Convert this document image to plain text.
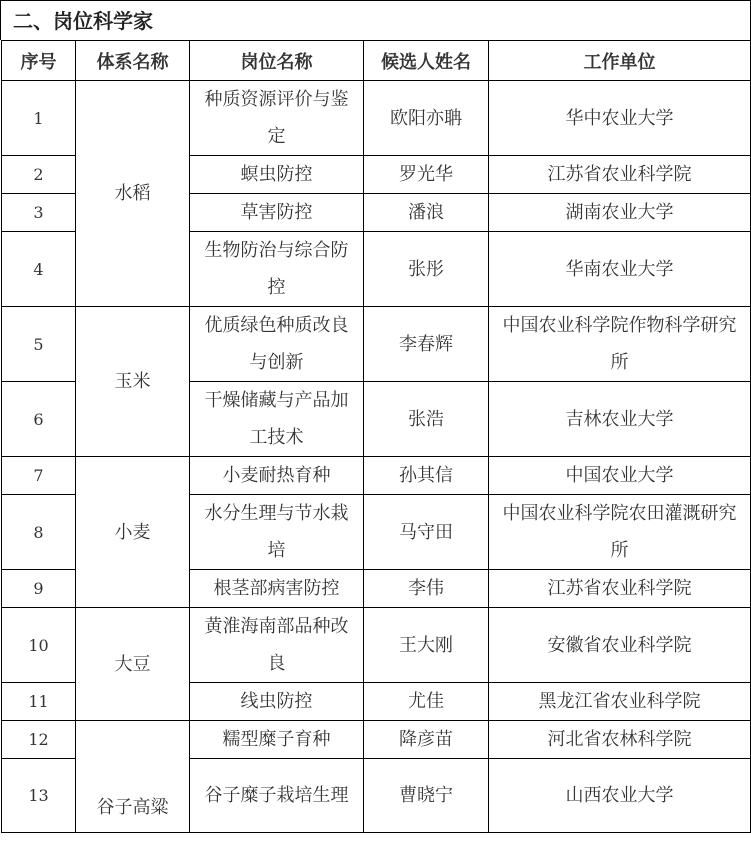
二、岗位科学家
序号	体系名称	岗位名称	候选人姓名	工作单位
1	水稻	种质资源评价与鉴定	欧阳亦聃	华中农业大学
2		螟虫防控	罗光华	江苏省农业科学院
3		草害防控	潘浪	湖南农业大学
4		生物防治与综合防控	张彤	华南农业大学
5	玉米	优质绿色种质改良与创新	李春辉	中国农业科学院作物科学研究所
6		干燥储藏与产品加工技术	张浩	吉林农业大学
7	小麦	小麦耐热育种	孙其信	中国农业大学
8		水分生理与节水栽培	马守田	中国农业科学院农田灌溉研究所
9		根茎部病害防控	李伟	江苏省农业科学院
10	大豆	黄淮海南部品种改良	王大刚	安徽省农业科学院
11		线虫防控	尤佳	黑龙江省农业科学院
12	谷子高粱	糯型糜子育种	降彦苗	河北省农林科学院
13		谷子糜子栽培生理	曹晓宁	山西农业大学
